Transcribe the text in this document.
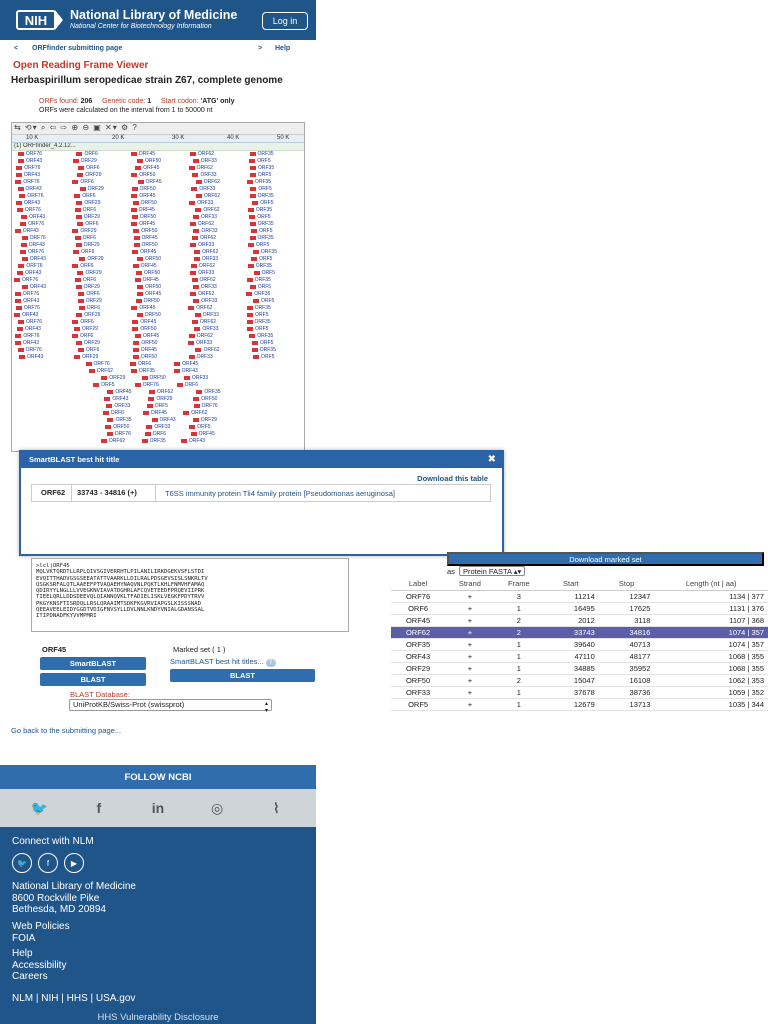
NIH	National Library of Medicine
National Center for Biotechnology Information
Log in
< ORFfinder submitting page	> Help
Open Reading Frame Viewer
Herbaspirillum seropedicae strain Z67, complete genome
ORFs found: 206 Genetic code: 1 Start codon: 'ATG' only
ORFs were calculated on the interval from 1 to 50000 nt
⇆ ⟲▾ ⌕ ⇦ ⇨ ⊕ ⊖ ▣ ✕▾ ⚙ ?
10 K	20 K	30 K	40 K	50 K
(1) ORFfinder_4.2.12...
ORF76	ORF6	ORF45	ORF62	ORF35
ORF43	ORF29	ORF50	ORF33	ORF5
ORF76	ORF6	ORF45	ORF62	ORF35
ORF43	ORF29	ORF50	ORF33	ORF5
ORF76	ORF6	ORF45	ORF62	ORF35
ORF43	ORF29	ORF50	ORF33	ORF5
ORF76	ORF6	ORF45	ORF62	ORF35
ORF43	ORF29	ORF50	ORF33	ORF5
ORF76	ORF6	ORF45	ORF62	ORF35
ORF43	ORF29	ORF50	ORF33	ORF5
ORF76	ORF6	ORF45	ORF62	ORF35
ORF43	ORF29	ORF50	ORF33	ORF5
ORF76	ORF6	ORF45	ORF62	ORF35
ORF43	ORF29	ORF50	ORF33	ORF5
ORF76	ORF6	ORF45	ORF62	ORF35
ORF43	ORF29	ORF50	ORF33	ORF5
ORF76	ORF6	ORF45	ORF62	ORF35
ORF43	ORF29	ORF50	ORF33	ORF5
ORF76	ORF6	ORF45	ORF62	ORF35
ORF43	ORF29	ORF50	ORF33	ORF5
ORF76	ORF6	ORF45	ORF62	ORF35
ORF43	ORF29	ORF50	ORF33	ORF5
ORF76	ORF6	ORF45	ORF62	ORF35
ORF43	ORF29	ORF50	ORF33	ORF5
ORF76	ORF6	ORF45	ORF62	ORF35
ORF43	ORF29	ORF50	ORF33	ORF5
ORF76	ORF6	ORF45	ORF62	ORF35
ORF43	ORF29	ORF50	ORF33	ORF5
ORF76	ORF6	ORF45	ORF62	ORF35
ORF43	ORF29	ORF50	ORF33	ORF5
ORF76	ORF6	ORF45
ORF62	ORF35	ORF43
ORF29	ORF50	ORF33
ORF5	ORF76	ORF6
ORF45	ORF62	ORF35
ORF43	ORF29	ORF50
ORF33	ORF5	ORF76
ORF6	ORF45	ORF62
ORF35	ORF43	ORF29
ORF50	ORF33	ORF5
ORF76	ORF6	ORF45
ORF62	ORF35	ORF43
SmartBLAST best hit title	✖
Download this table
ORF62	33743 - 34816 (+)	T6SS immunity protein Tli4 family protein [Pseudomonas aeruginosa]
>lcl|ORF45
MQLVKTQRDTLLRPLQIVSGIVERRHTLPILANILIRKDGEKVSFLSTDI
EVQITTHADVGSGSEEATATTVAARKLLDILRALPDSGEVSISLSNKRLTV
QSGKSRFALQTLAAEEFPTVAQAEHYNAQVNLPQKTLKHLFNMVHFAMAQ
QDIRYYLNGLLLVVEGKNVIAVATDGHRLAFCQVETEEDFPRQEVIIPRK
TIEELQRLLDDSDEEVQLQIANNQVKLTFADIELISKLVEGKFPDYTRVV
PKGYKNSFTISRDQLLRSLQRAAIMTSDKFKGVRVIAPGSLKISSSNAD
QEEAVEELEIDYGGDTVDIGFNVSYLLDVLNNLKNDYVNIALGDANSSAL
ITIPDNADFKYVVMPMRI
ORF45
SmartBLAST
BLAST
Marked set ( 1 )
SmartBLAST best hit titles... ?
BLAST
BLAST Database:
UniProtKB/Swiss-Prot (swissprot) ▴▾
Go back to the submitting page...
Download marked set
as Protein FASTA ▴▾
Label	Strand	Frame	Start	Stop	Length (nt | aa)
ORF76	+	3	11214	12347	1134 | 377
ORF6	+	1	16495	17625	1131 | 376
ORF45	+	2	2012	3118	1107 | 368
ORF62	+	2	33743	34816	1074 | 357
ORF35	+	1	39640	40713	1074 | 357
ORF43	+	1	47110	48177	1068 | 355
ORF29	+	1	34885	35952	1068 | 355
ORF50	+	2	15047	16108	1062 | 353
ORF33	+	1	37678	38736	1059 | 352
ORF5	+	1	12679	13713	1035 | 344
FOLLOW NCBI
🐦	f	in	◎	⌇
Connect with NLM
🐦	f	▶
National Library of Medicine
8600 Rockville Pike
Bethesda, MD 20894
Web Policies
FOIA
Help
Accessibility
Careers
NLM | NIH | HHS | USA.gov
HHS Vulnerability Disclosure
